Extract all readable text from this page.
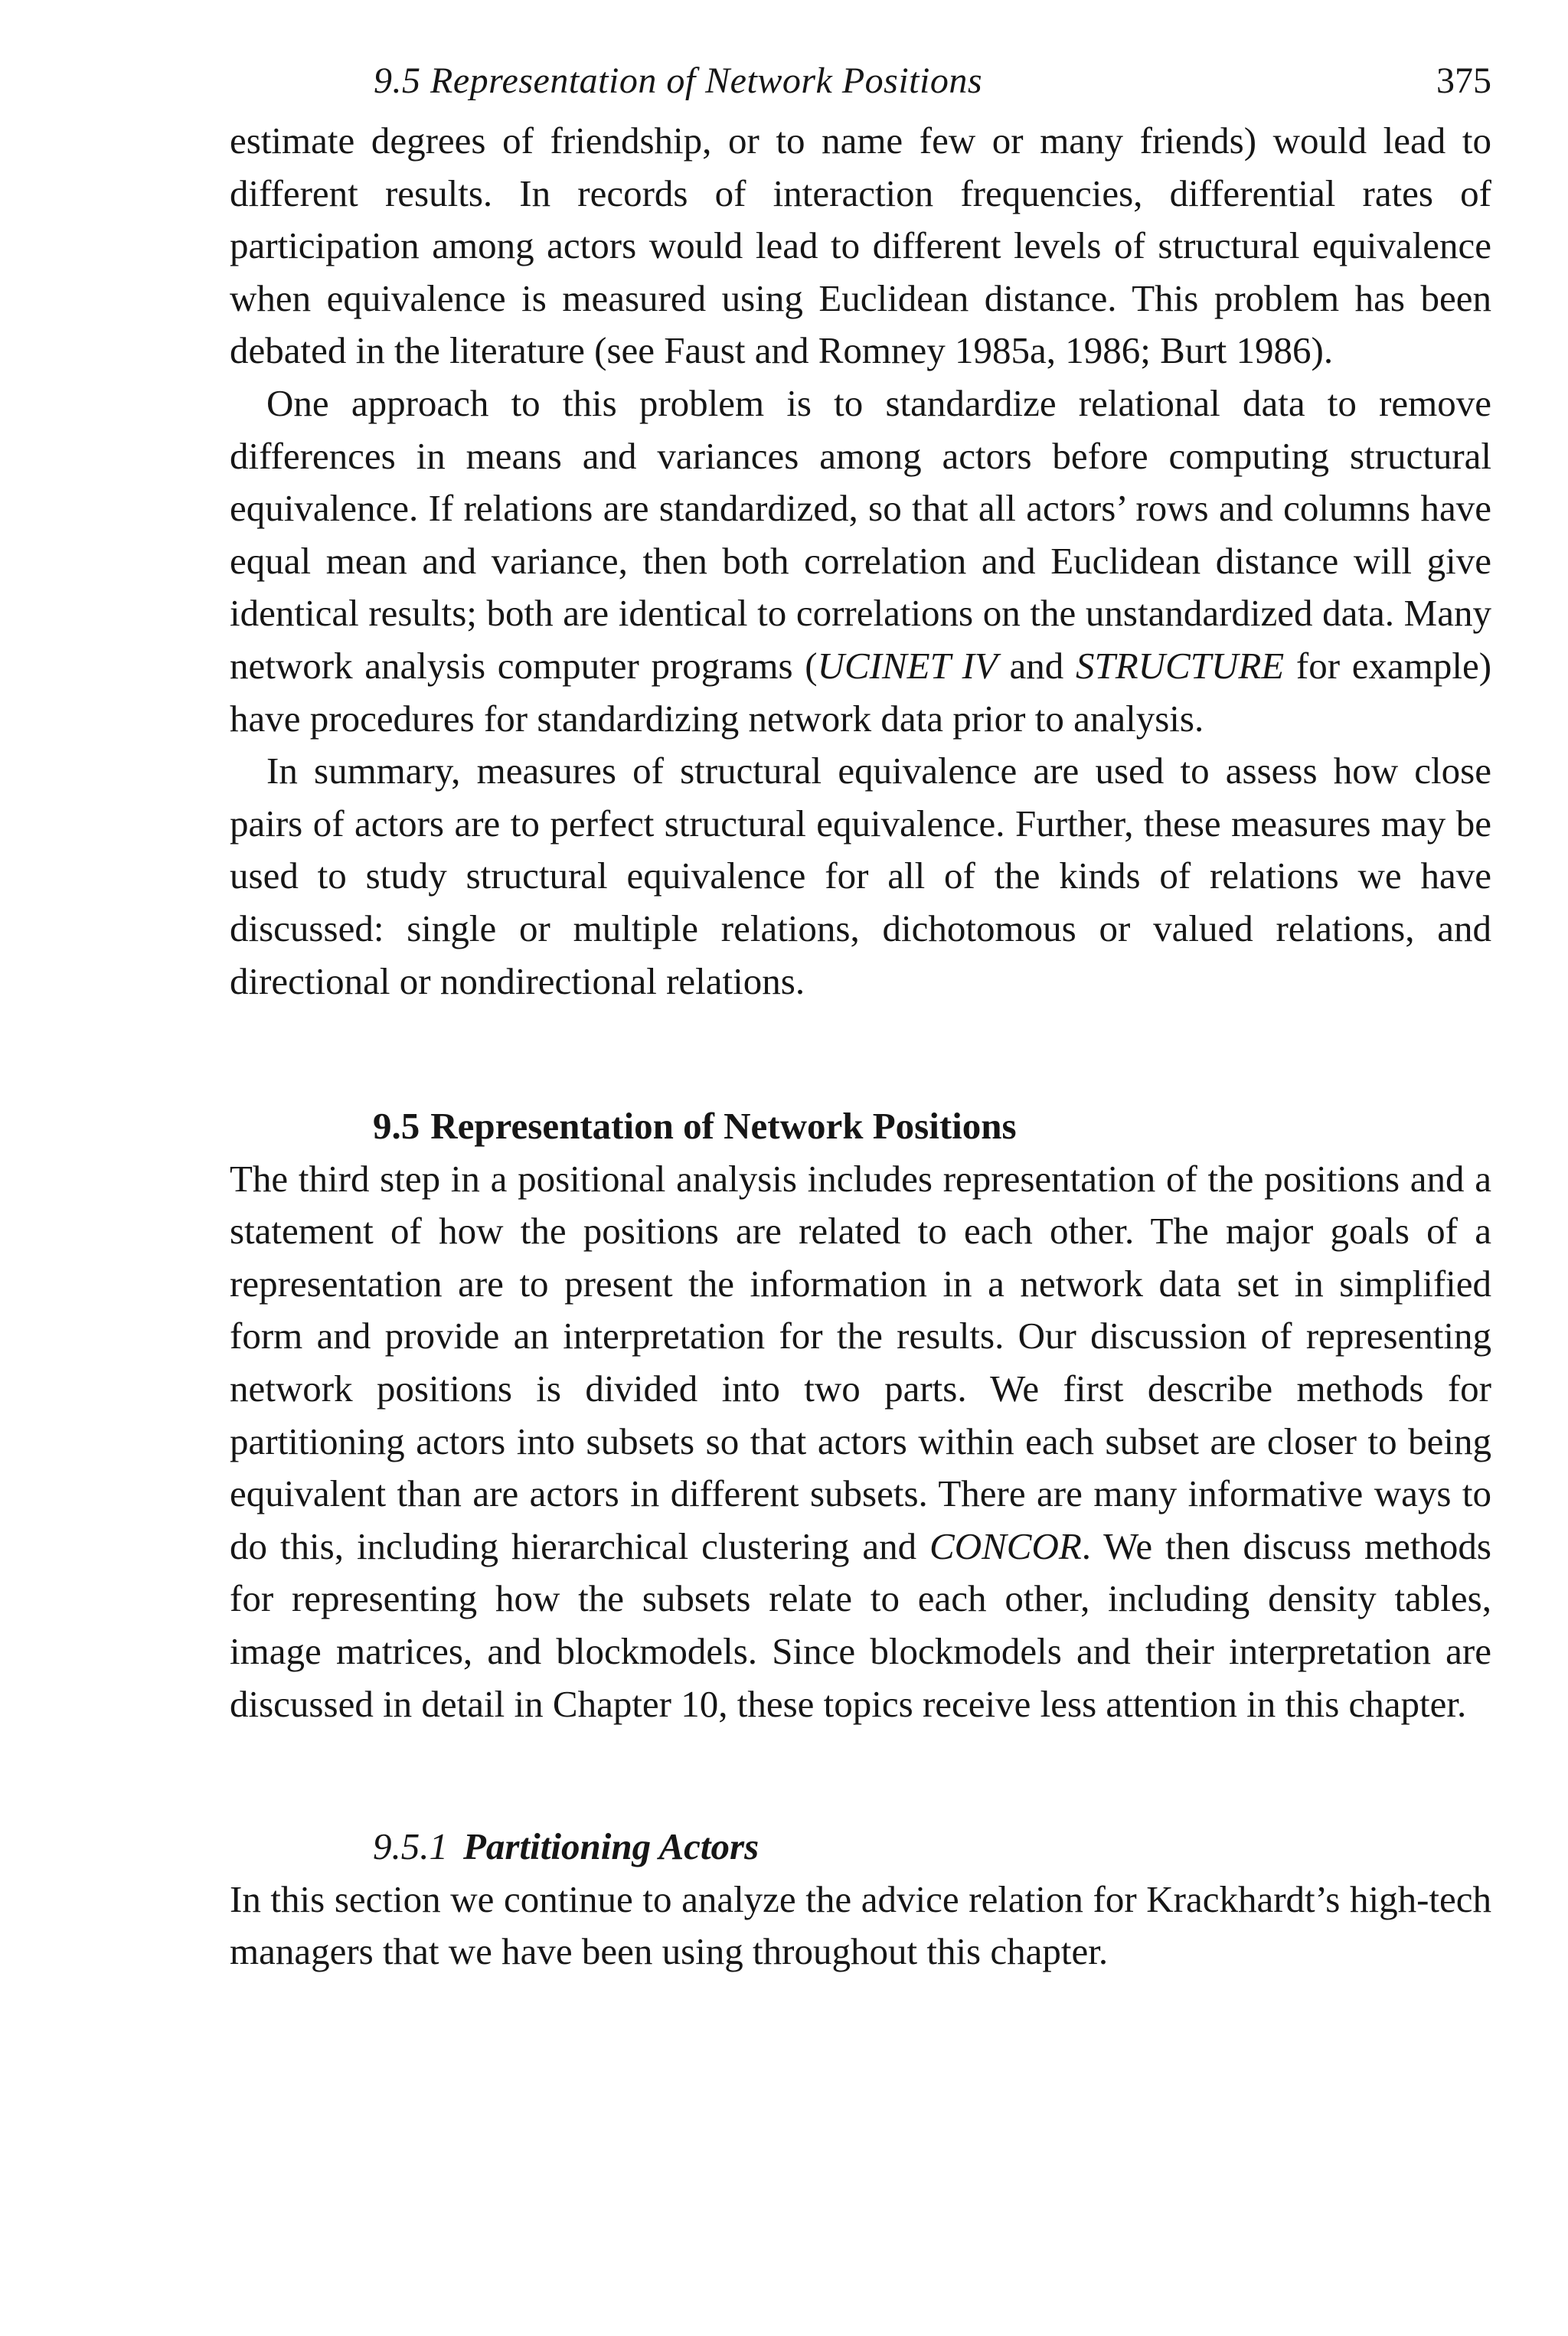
9.5 Representation of Network Positions	375

estimate degrees of friendship, or to name few or many friends) would lead to different results. In records of interaction frequencies, differential rates of participation among actors would lead to different levels of structural equivalence when equivalence is measured using Euclidean distance. This problem has been debated in the literature (see Faust and Romney 1985a, 1986; Burt 1986).

One approach to this problem is to standardize relational data to remove differences in means and variances among actors before computing structural equivalence. If relations are standardized, so that all actors’ rows and columns have equal mean and variance, then both correlation and Euclidean distance will give identical results; both are identical to correlations on the unstandardized data. Many network analysis computer programs (UCINET IV and STRUCTURE for example) have procedures for standardizing network data prior to analysis.

In summary, measures of structural equivalence are used to assess how close pairs of actors are to perfect structural equivalence. Further, these measures may be used to study structural equivalence for all of the kinds of relations we have discussed: single or multiple relations, dichotomous or valued relations, and directional or nondirectional relations.

9.5 Representation of Network Positions

The third step in a positional analysis includes representation of the positions and a statement of how the positions are related to each other. The major goals of a representation are to present the information in a network data set in simplified form and provide an interpretation for the results. Our discussion of representing network positions is divided into two parts. We first describe methods for partitioning actors into subsets so that actors within each subset are closer to being equivalent than are actors in different subsets. There are many informative ways to do this, including hierarchical clustering and CONCOR. We then discuss methods for representing how the subsets relate to each other, including density tables, image matrices, and blockmodels. Since blockmodels and their interpretation are discussed in detail in Chapter 10, these topics receive less attention in this chapter.

9.5.1 Partitioning Actors

In this section we continue to analyze the advice relation for Krackhardt’s high-tech managers that we have been using throughout this chapter.
